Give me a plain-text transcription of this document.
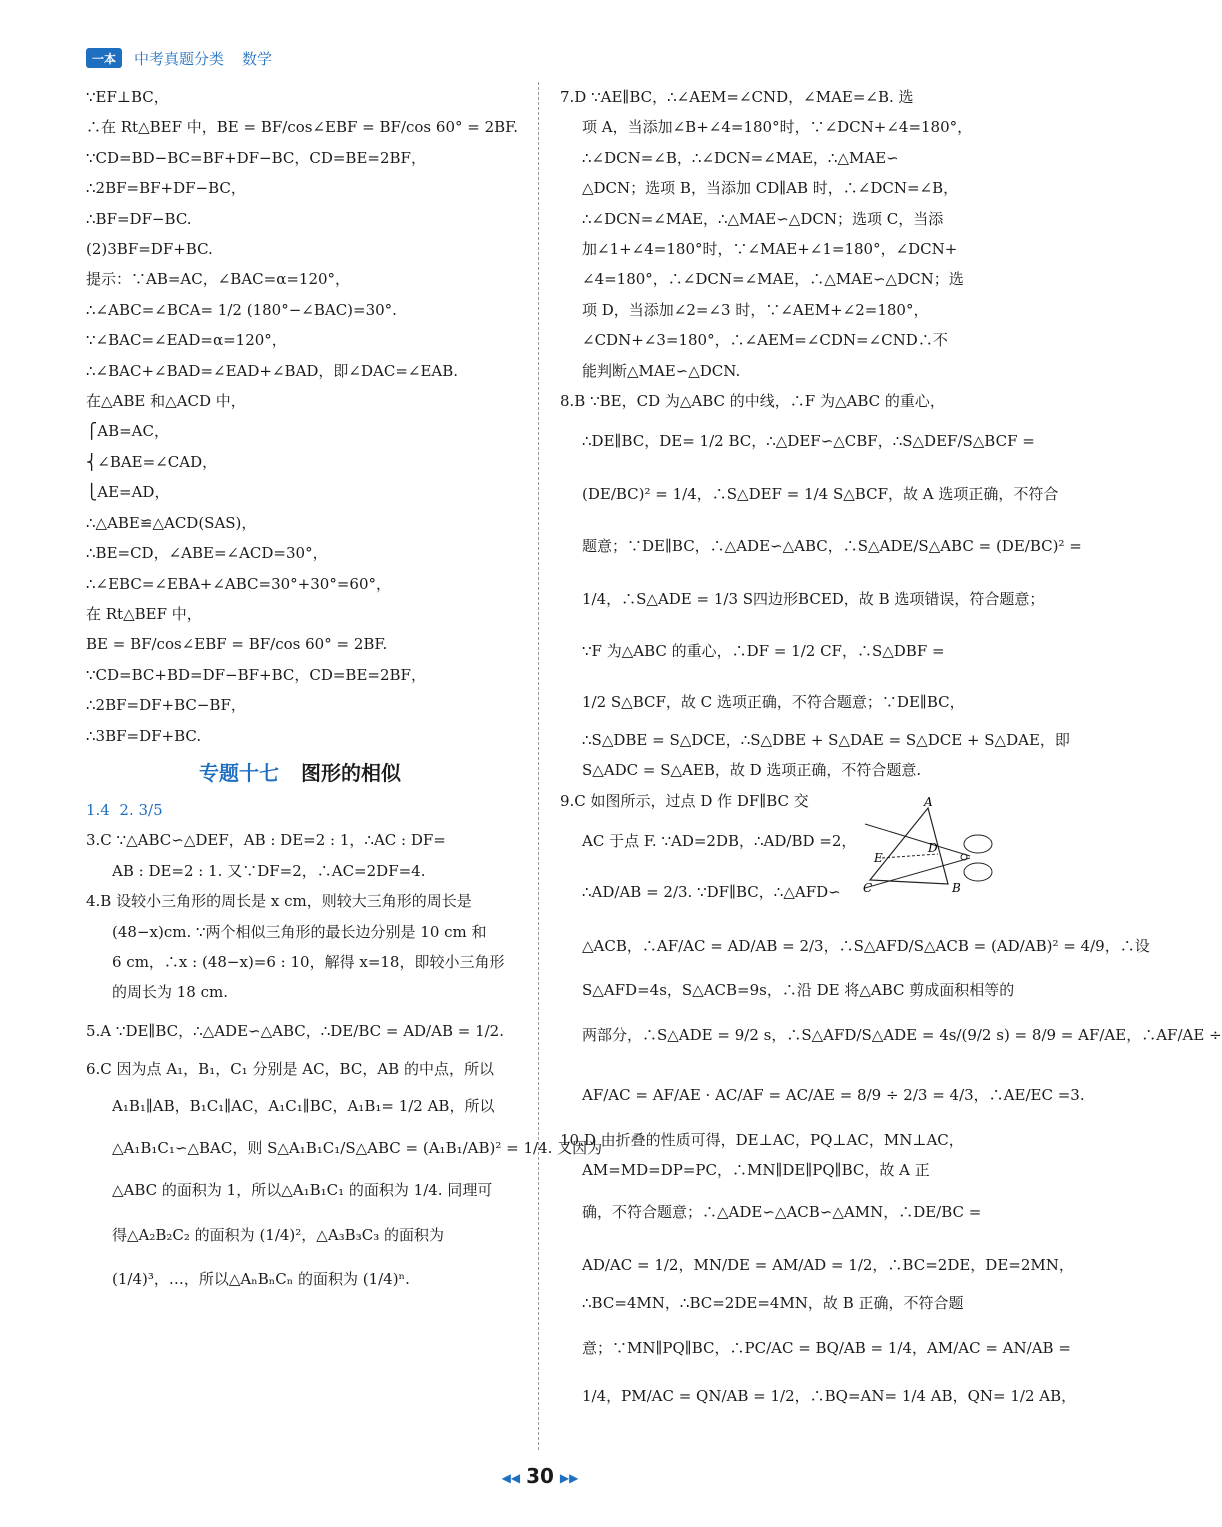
一本	中考真题分类 数学
∵EF⊥BC，
∴在 Rt△BEF 中，BE = BF/cos∠EBF = BF/cos 60° = 2BF.
∵CD=BD−BC=BF+DF−BC，CD=BE=2BF，
∴2BF=BF+DF−BC，
∴BF=DF−BC.
(2)3BF=DF+BC.
提示：∵AB=AC，∠BAC=α=120°，
∴∠ABC=∠BCA= 1/2 (180°−∠BAC)=30°.
∵∠BAC=∠EAD=α=120°，
∴∠BAC+∠BAD=∠EAD+∠BAD，即∠DAC=∠EAB.
在△ABE 和△ACD 中，
⎧AB=AC，
⎨∠BAE=∠CAD，
⎩AE=AD，
∴△ABE≌△ACD(SAS)，
∴BE=CD，∠ABE=∠ACD=30°，
∴∠EBC=∠EBA+∠ABC=30°+30°=60°，
在 Rt△BEF 中，
BE = BF/cos∠EBF = BF/cos 60° = 2BF.
∵CD=BC+BD=DF−BF+BC，CD=BE=2BF，
∴2BF=DF+BC−BF，
∴3BF=DF+BC.
专题十七 图形的相似
1.4 2. 3/5
3.C ∵△ABC∽△DEF，AB : DE=2 : 1，∴AC : DF=
AB : DE=2 : 1. 又∵DF=2，∴AC=2DF=4.
4.B 设较小三角形的周长是 x cm，则较大三角形的周长是
(48−x)cm. ∵两个相似三角形的最长边分别是 10 cm 和
6 cm，∴x : (48−x)=6 : 10，解得 x=18，即较小三角形
的周长为 18 cm.
5.A ∵DE∥BC，∴△ADE∽△ABC，∴DE/BC = AD/AB = 1/2.
6.C 因为点 A₁，B₁，C₁ 分别是 AC，BC，AB 的中点，所以
A₁B₁∥AB，B₁C₁∥AC，A₁C₁∥BC，A₁B₁= 1/2 AB，所以
△A₁B₁C₁∽△BAC，则 S△A₁B₁C₁/S△ABC = (A₁B₁/AB)² = 1/4. 又因为
△ABC 的面积为 1，所以△A₁B₁C₁ 的面积为 1/4. 同理可
得△A₂B₂C₂ 的面积为 (1/4)²，△A₃B₃C₃ 的面积为
(1/4)³，…，所以△AₙBₙCₙ 的面积为 (1/4)ⁿ.
7.D ∵AE∥BC，∴∠AEM=∠CND，∠MAE=∠B. 选
项 A，当添加∠B+∠4=180°时，∵∠DCN+∠4=180°，
∴∠DCN=∠B，∴∠DCN=∠MAE，∴△MAE∽
△DCN；选项 B，当添加 CD∥AB 时，∴∠DCN=∠B，
∴∠DCN=∠MAE，∴△MAE∽△DCN；选项 C，当添
加∠1+∠4=180°时，∵∠MAE+∠1=180°，∠DCN+
∠4=180°，∴∠DCN=∠MAE，∴△MAE∽△DCN；选
项 D，当添加∠2=∠3 时，∵∠AEM+∠2=180°，
∠CDN+∠3=180°，∴∠AEM=∠CDN=∠CND∴不
能判断△MAE∽△DCN.
8.B ∵BE，CD 为△ABC 的中线，∴F 为△ABC 的重心，
∴DE∥BC，DE= 1/2 BC，∴△DEF∽△CBF，∴S△DEF/S△BCF =
(DE/BC)² = 1/4，∴S△DEF = 1/4 S△BCF，故 A 选项正确，不符合
题意；∵DE∥BC，∴△ADE∽△ABC，∴S△ADE/S△ABC = (DE/BC)² =
1/4，∴S△ADE = 1/3 S四边形BCED，故 B 选项错误，符合题意；
∵F 为△ABC 的重心，∴DF = 1/2 CF，∴S△DBF =
1/2 S△BCF，故 C 选项正确，不符合题意；∵DE∥BC，
∴S△DBE = S△DCE，∴S△DBE + S△DAE = S△DCE + S△DAE，即
S△ADC = S△AEB，故 D 选项正确，不符合题意.
9.C 如图所示，过点 D 作 DF∥BC 交
AC 于点 F. ∵AD=2DB，∴AD/BD =2，
∴AD/AB = 2/3. ∵DF∥BC，∴△AFD∽
△ACB，∴AF/AC = AD/AB = 2/3，∴S△AFD/S△ACB = (AD/AB)² = 4/9，∴设
S△AFD=4s，S△ACB=9s，∴沿 DE 将△ABC 剪成面积相等的
两部分，∴S△ADE = 9/2 s，∴S△AFD/S△ADE = 4s/(9/2 s) = 8/9 = AF/AE，∴AF/AE ÷
AF/AC = AF/AE · AC/AF = AC/AE = 8/9 ÷ 2/3 = 4/3，∴AE/EC =3.
10.D 由折叠的性质可得，DE⊥AC，PQ⊥AC，MN⊥AC，
AM=MD=DP=PC，∴MN∥DE∥PQ∥BC，故 A 正
确，不符合题意；∴△ADE∽△ACB∽△AMN，∴DE/BC =
AD/AC = 1/2，MN/DE = AM/AD = 1/2，∴BC=2DE，DE=2MN，
∴BC=4MN，∴BC=2DE=4MN，故 B 正确，不符合题
意；∵MN∥PQ∥BC，∴PC/AC = BQ/AB = 1/4，AM/AC = AN/AB =
1/4，PM/AC = QN/AB = 1/2，∴BQ=AN= 1/4 AB，QN= 1/2 AB，
A
E
D
C	B
◀◀ 30 ▶▶
